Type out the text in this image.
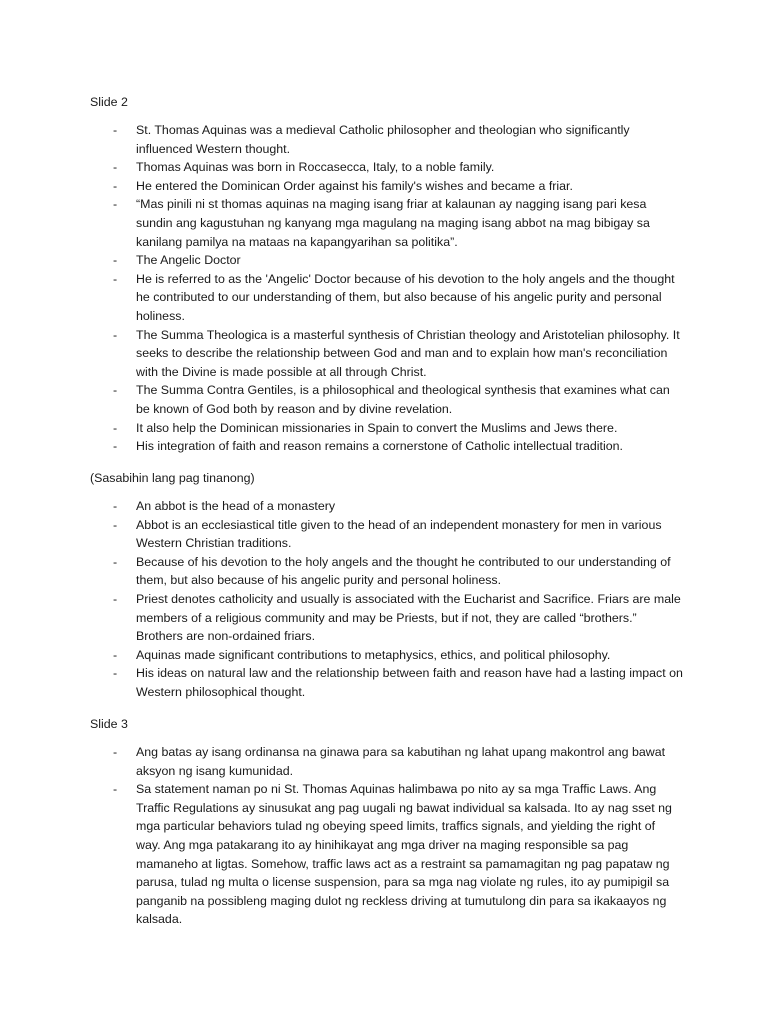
Slide 2
- St. Thomas Aquinas was a medieval Catholic philosopher and theologian who significantly influenced Western thought.
- Thomas Aquinas was born in Roccasecca, Italy, to a noble family.
- He entered the Dominican Order against his family's wishes and became a friar.
- “Mas pinili ni st thomas aquinas na maging isang friar at kalaunan ay nagging isang pari kesa sundin ang kagustuhan ng kanyang mga magulang na maging isang abbot na mag bibigay sa kanilang pamilya na mataas na kapangyarihan sa politika”.
- The Angelic Doctor
- He is referred to as the 'Angelic' Doctor because of his devotion to the holy angels and the thought he contributed to our understanding of them, but also because of his angelic purity and personal holiness.
- The Summa Theologica is a masterful synthesis of Christian theology and Aristotelian philosophy. It seeks to describe the relationship between God and man and to explain how man's reconciliation with the Divine is made possible at all through Christ.
- The Summa Contra Gentiles, is a philosophical and theological synthesis that examines what can be known of God both by reason and by divine revelation.
- It also help the Dominican missionaries in Spain to convert the Muslims and Jews there.
- His integration of faith and reason remains a cornerstone of Catholic intellectual tradition.
(Sasabihin lang pag tinanong)
- An abbot is the head of a monastery
- Abbot is an ecclesiastical title given to the head of an independent monastery for men in various Western Christian traditions.
- Because of his devotion to the holy angels and the thought he contributed to our understanding of them, but also because of his angelic purity and personal holiness.
- Priest denotes catholicity and usually is associated with the Eucharist and Sacrifice. Friars are male members of a religious community and may be Priests, but if not, they are called “brothers.” Brothers are non-ordained friars.
- Aquinas made significant contributions to metaphysics, ethics, and political philosophy.
- His ideas on natural law and the relationship between faith and reason have had a lasting impact on Western philosophical thought.
Slide 3
- Ang batas ay isang ordinansa na ginawa para sa kabutihan ng lahat upang makontrol ang bawat aksyon ng isang kumunidad.
- Sa statement naman po ni St. Thomas Aquinas halimbawa po nito ay sa mga Traffic Laws. Ang Traffic Regulations ay sinusukat ang pag uugali ng bawat individual sa kalsada. Ito ay nag sset ng mga particular behaviors tulad ng obeying speed limits, traffics signals, and yielding the right of way. Ang mga patakarang ito ay hinihikayat ang mga driver na maging responsible sa pag mamaneho at ligtas. Somehow, traffic laws act as a restraint sa pamamagitan ng pag papataw ng parusa, tulad ng multa o license suspension, para sa mga nag violate ng rules, ito ay pumipigil sa panganib na possibleng maging dulot ng reckless driving at tumutulong din para sa ikakaayos ng kalsada.
